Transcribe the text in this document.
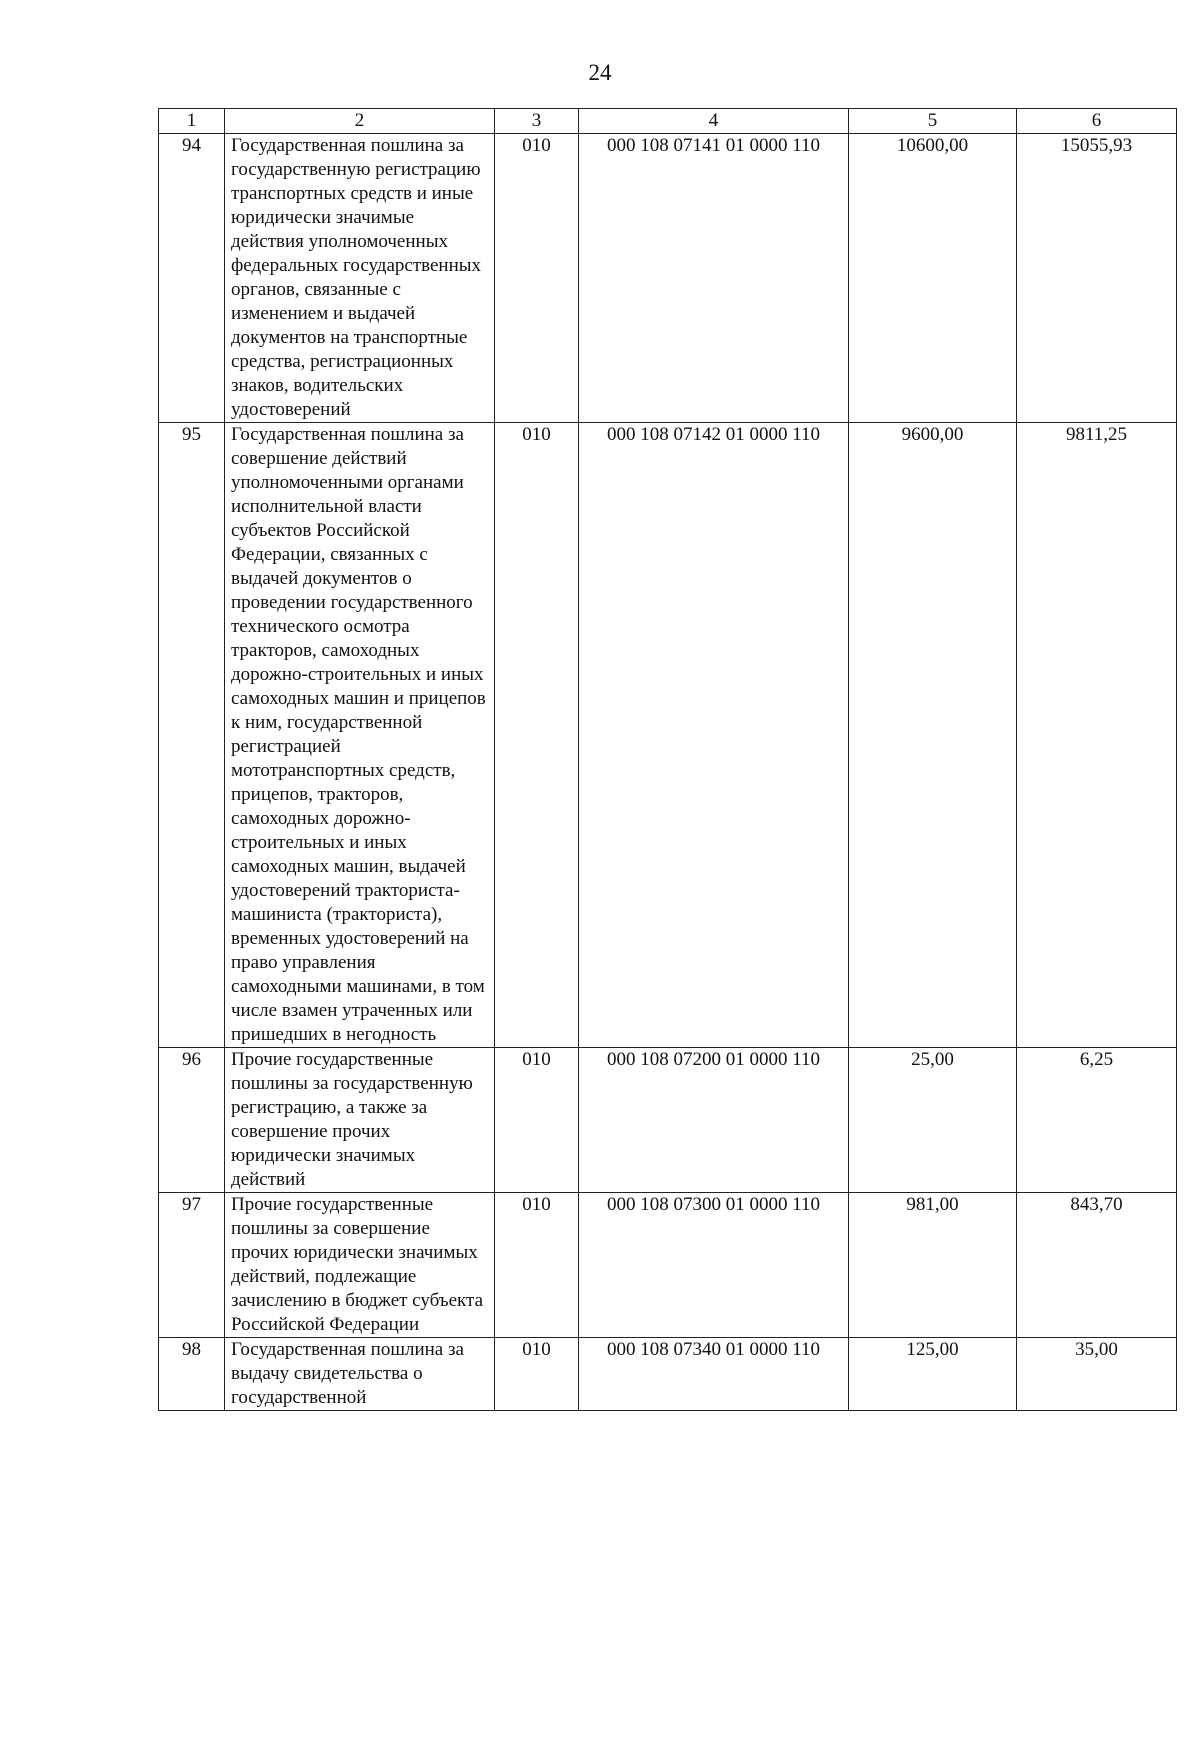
24
1	2	3	4	5	6
94	Государственная пошлина за государственную регистрацию транспортных средств и иные юридически значимые действия уполномоченных федеральных государственных органов, связанные с изменением и выдачей документов на транспортные средства, регистрационных знаков, водительских удостоверений	010	000 108 07141 01 0000 110	10600,00	15055,93
95	Государственная пошлина за совершение действий уполномоченными органами исполнительной власти субъектов Российской Федерации, связанных с выдачей документов о проведении государственного технического осмотра тракторов, самоходных дорожно-строительных и иных самоходных машин и прицепов к ним, государственной регистрацией мототранспортных средств, прицепов, тракторов, самоходных дорожно-строительных и иных самоходных машин, выдачей удостоверений тракториста-машиниста (тракториста), временных удостоверений на право управления самоходными машинами, в том числе взамен утраченных или пришедших в негодность	010	000 108 07142 01 0000 110	9600,00	9811,25
96	Прочие государственные пошлины за государственную регистрацию, а также за совершение прочих юридически значимых действий	010	000 108 07200 01 0000 110	25,00	6,25
97	Прочие государственные пошлины за совершение прочих юридически значимых действий, подлежащие зачислению в бюджет субъекта Российской Федерации	010	000 108 07300 01 0000 110	981,00	843,70
98	Государственная пошлина за выдачу свидетельства о государственной	010	000 108 07340 01 0000 110	125,00	35,00
